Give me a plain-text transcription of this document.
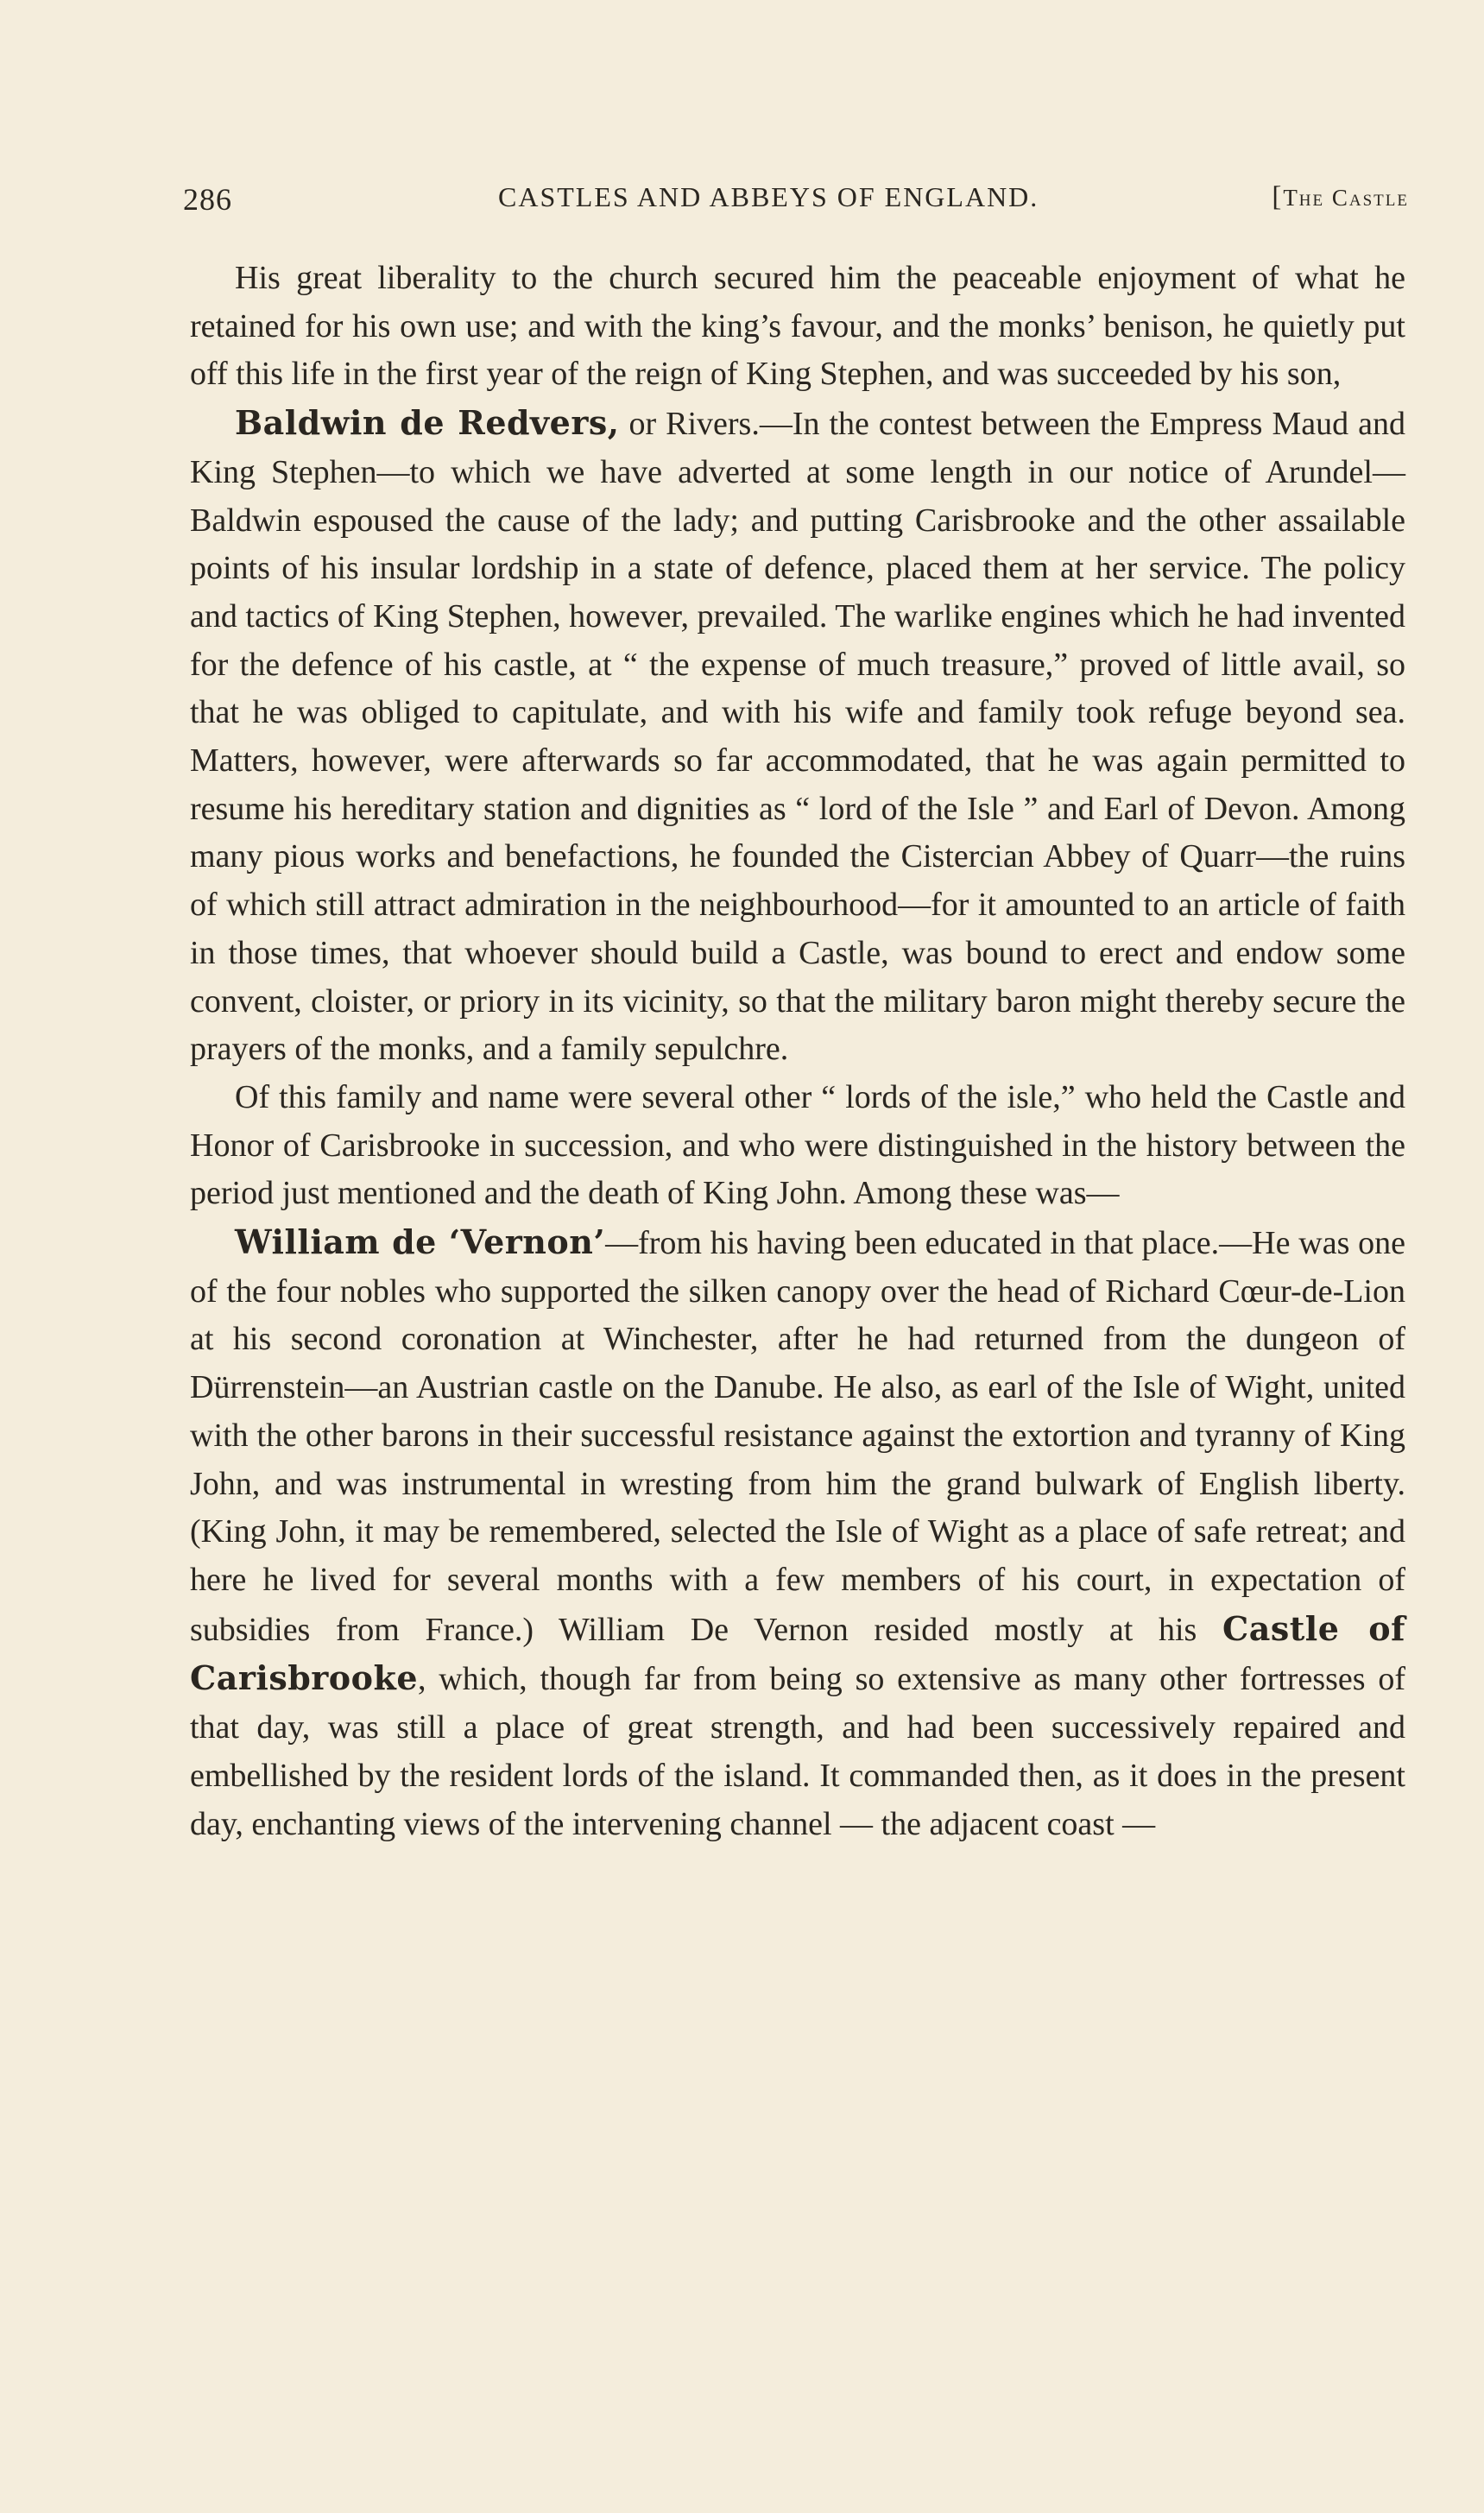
286	CASTLES AND ABBEYS OF ENGLAND.	[The Castle

His great liberality to the church secured him the peaceable enjoyment of what he retained for his own use; and with the king’s favour, and the monks’ benison, he quietly put off this life in the first year of the reign of King Stephen, and was succeeded by his son,

Baldwin de Redvers, or Rivers.—In the contest between the Empress Maud and King Stephen—to which we have adverted at some length in our notice of Arundel—Baldwin espoused the cause of the lady; and putting Carisbrooke and the other assailable points of his insular lordship in a state of defence, placed them at her service. The policy and tactics of King Stephen, however, prevailed. The warlike engines which he had invented for the defence of his castle, at “ the expense of much treasure,” proved of little avail, so that he was obliged to capitulate, and with his wife and family took refuge beyond sea. Matters, however, were afterwards so far accommodated, that he was again permitted to resume his hereditary station and dignities as “ lord of the Isle ” and Earl of Devon. Among many pious works and benefactions, he founded the Cistercian Abbey of Quarr—the ruins of which still attract admiration in the neighbourhood—for it amounted to an article of faith in those times, that whoever should build a Castle, was bound to erect and endow some convent, cloister, or priory in its vicinity, so that the military baron might thereby secure the prayers of the monks, and a family sepulchre.

Of this family and name were several other “ lords of the isle,” who held the Castle and Honor of Carisbrooke in succession, and who were distinguished in the history between the period just mentioned and the death of King John. Among these was—

William de ‘Vernon’—from his having been educated in that place.—He was one of the four nobles who supported the silken canopy over the head of Richard Cœur-de-Lion at his second coronation at Winchester, after he had returned from the dungeon of Dürrenstein—an Austrian castle on the Danube. He also, as earl of the Isle of Wight, united with the other barons in their successful resistance against the extortion and tyranny of King John, and was instrumental in wresting from him the grand bulwark of English liberty. (King John, it may be remembered, selected the Isle of Wight as a place of safe retreat; and here he lived for several months with a few members of his court, in expectation of subsidies from France.) William De Vernon resided mostly at his Castle of Carisbrooke, which, though far from being so extensive as many other fortresses of that day, was still a place of great strength, and had been successively repaired and embellished by the resident lords of the island. It commanded then, as it does in the present day, enchanting views of the intervening channel — the adjacent coast —
